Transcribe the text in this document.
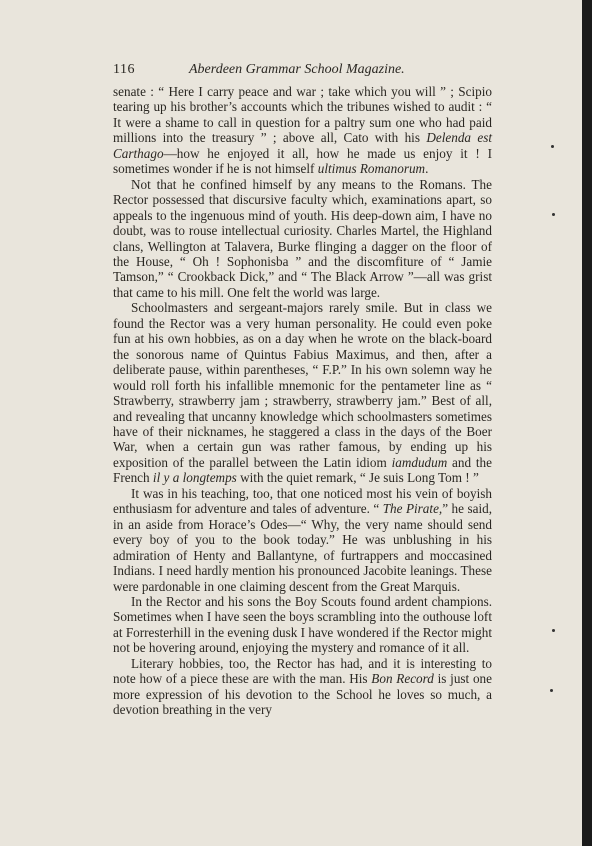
116	Aberdeen Grammar School Magazine.

senate : “ Here I carry peace and war ; take which you will ” ; Scipio tearing up his brother’s accounts which the tribunes wished to audit : “ It were a shame to call in question for a paltry sum one who had paid millions into the treasury ” ; above all, Cato with his Delenda est Carthago—how he enjoyed it all, how he made us enjoy it ! I sometimes wonder if he is not himself ultimus Romanorum.

Not that he confined himself by any means to the Romans. The Rector possessed that discursive faculty which, examinations apart, so appeals to the ingenuous mind of youth. His deep-down aim, I have no doubt, was to rouse intellectual curiosity. Charles Martel, the Highland clans, Wellington at Talavera, Burke flinging a dagger on the floor of the House, “ Oh ! Sophonisba ” and the discomfiture of “ Jamie Tamson,” “ Crookback Dick,” and “ The Black Arrow ”—all was grist that came to his mill. One felt the world was large.

Schoolmasters and sergeant-majors rarely smile. But in class we found the Rector was a very human personality. He could even poke fun at his own hobbies, as on a day when he wrote on the black-board the sonorous name of Quintus Fabius Maximus, and then, after a deliberate pause, within parentheses, “ F.P.” In his own solemn way he would roll forth his infallible mnemonic for the pentameter line as “ Strawberry, strawberry jam ; strawberry, strawberry jam.” Best of all, and revealing that uncanny knowledge which schoolmasters sometimes have of their nicknames, he staggered a class in the days of the Boer War, when a certain gun was rather famous, by ending up his exposition of the parallel between the Latin idiom iamdudum and the French il y a longtemps with the quiet remark, “ Je suis Long Tom ! ”

It was in his teaching, too, that one noticed most his vein of boyish enthusiasm for adventure and tales of adventure. “ The Pirate,” he said, in an aside from Horace’s Odes—“ Why, the very name should send every boy of you to the book today.” He was unblushing in his admiration of Henty and Ballantyne, of furtrappers and moccasined Indians. I need hardly mention his pronounced Jacobite leanings. These were pardonable in one claiming descent from the Great Marquis.

In the Rector and his sons the Boy Scouts found ardent champions. Sometimes when I have seen the boys scrambling into the outhouse loft at Forresterhill in the evening dusk I have wondered if the Rector might not be hovering around, enjoying the mystery and romance of it all.

Literary hobbies, too, the Rector has had, and it is interesting to note how of a piece these are with the man. His Bon Record is just one more expression of his devotion to the School he loves so much, a devotion breathing in the very
